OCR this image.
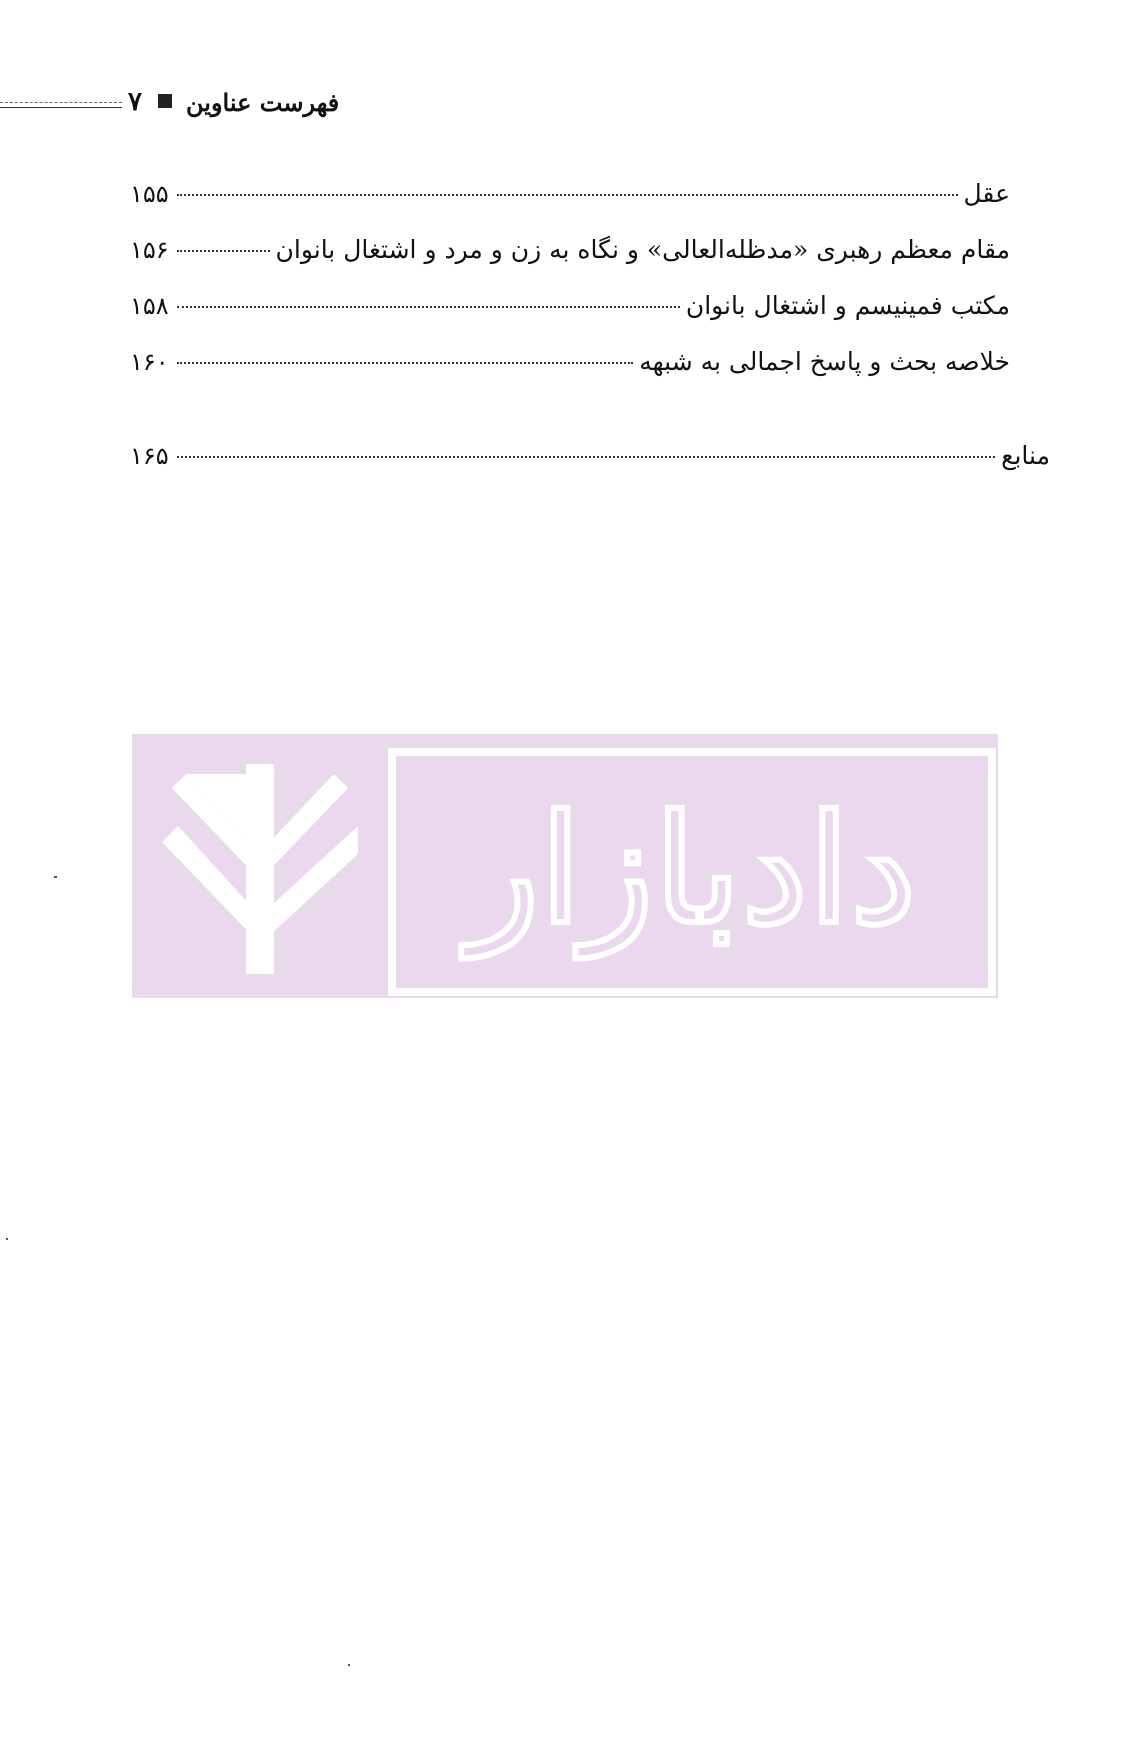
۷ فهرست عناوین
۱۵۵	عقل
۱۵۶	مقام معظم رهبری «مدظله‌العالی» و نگاه به زن و مرد و اشتغال بانوان
۱۵۸	مکتب فمینیسم و اشتغال بانوان
۱۶۰	خلاصه بحث و پاسخ اجمالی به شبهه
۱۶۵	منابع
دادبازار
